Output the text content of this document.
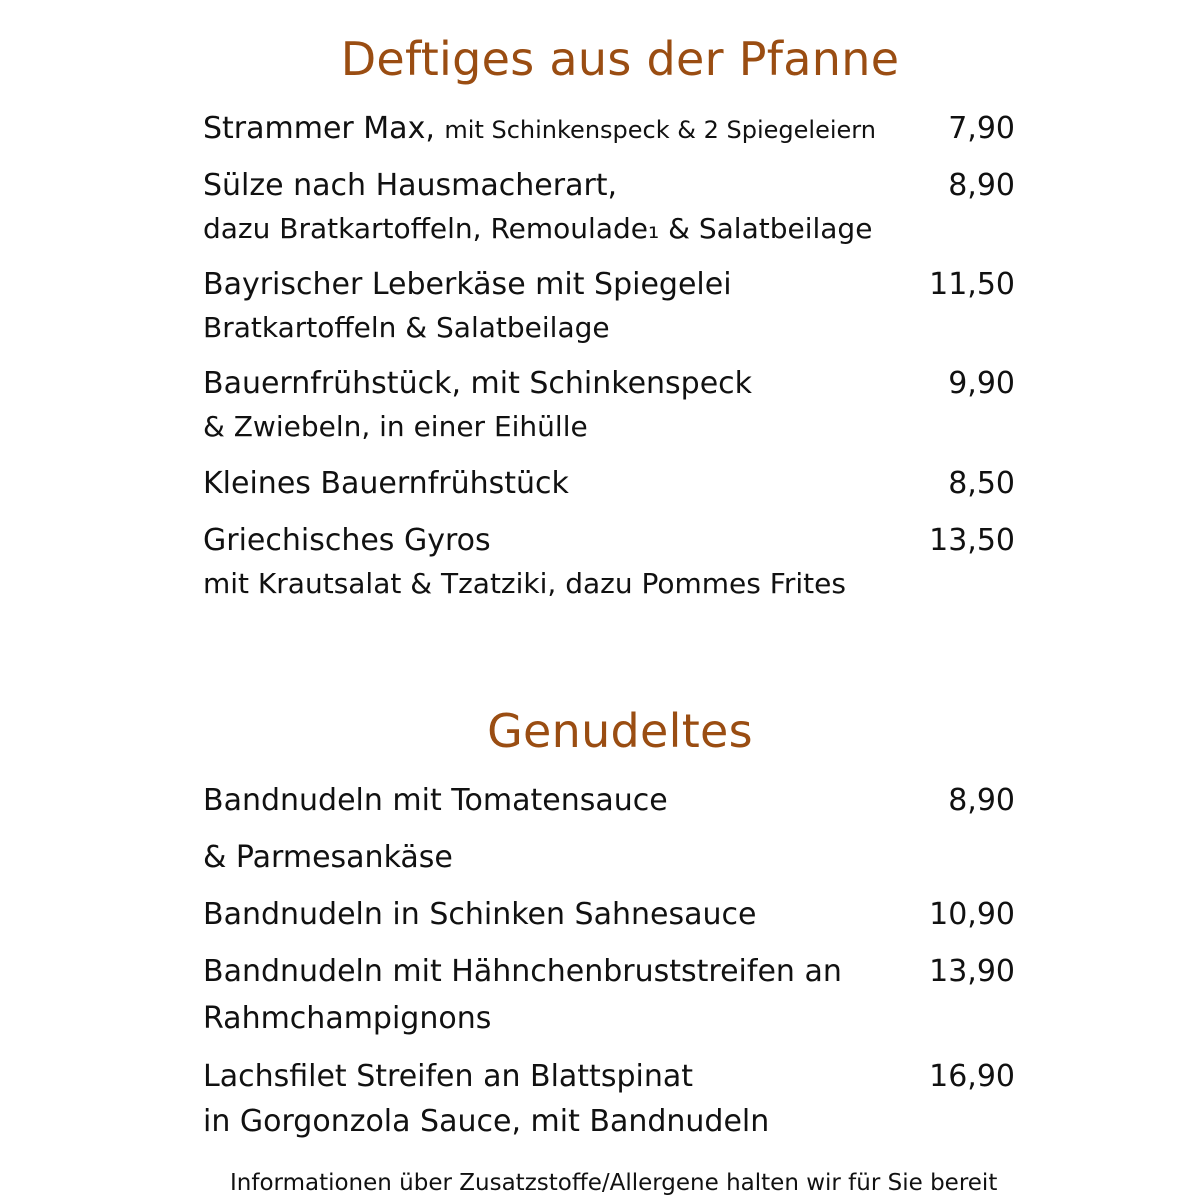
Deftiges aus der Pfanne
Strammer Max, mit Schinkenspeck & 2 Spiegeleiern 7,90
Sülze nach Hausmacherart,	8,90
dazu Bratkartoffeln, Remoulade₁ & Salatbeilage
Bayrischer Leberkäse mit Spiegelei	11,50
Bratkartoffeln & Salatbeilage
Bauernfrühstück, mit Schinkenspeck	9,90
& Zwiebeln, in einer Eihülle
Kleines Bauernfrühstück	8,50
Griechisches Gyros	13,50
mit Krautsalat & Tzatziki, dazu Pommes Frites
Genudeltes
Bandnudeln mit Tomatensauce	8,90
& Parmesankäse
Bandnudeln in Schinken Sahnesauce	10,90
Bandnudeln mit Hähnchenbruststreifen an	13,90
Rahmchampignons
Lachsfilet Streifen an Blattspinat	16,90
in Gorgonzola Sauce, mit Bandnudeln
Informationen über Zusatzstoffe/Allergene halten wir für Sie bereit
